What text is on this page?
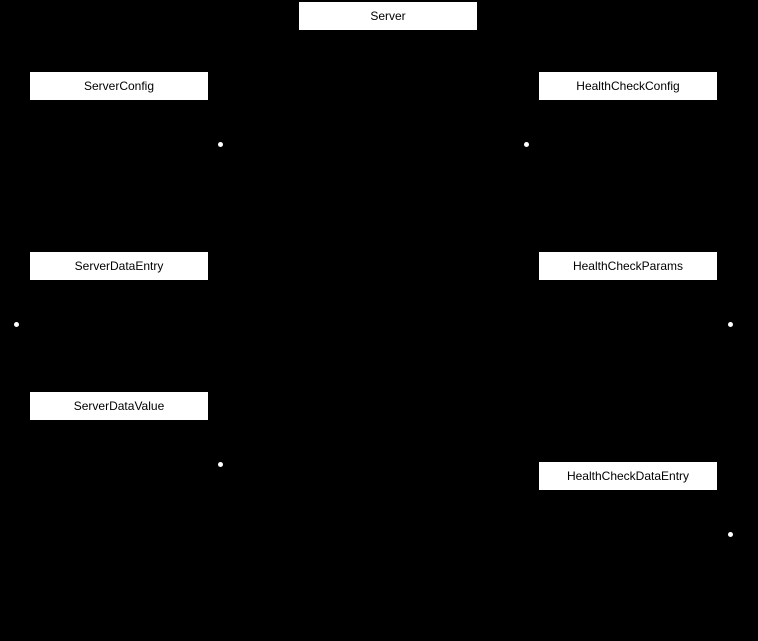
Server
ServerConfig	HealthCheckConfig
ServerDataEntry	HealthCheckParams
ServerDataValue
HealthCheckDataEntry
